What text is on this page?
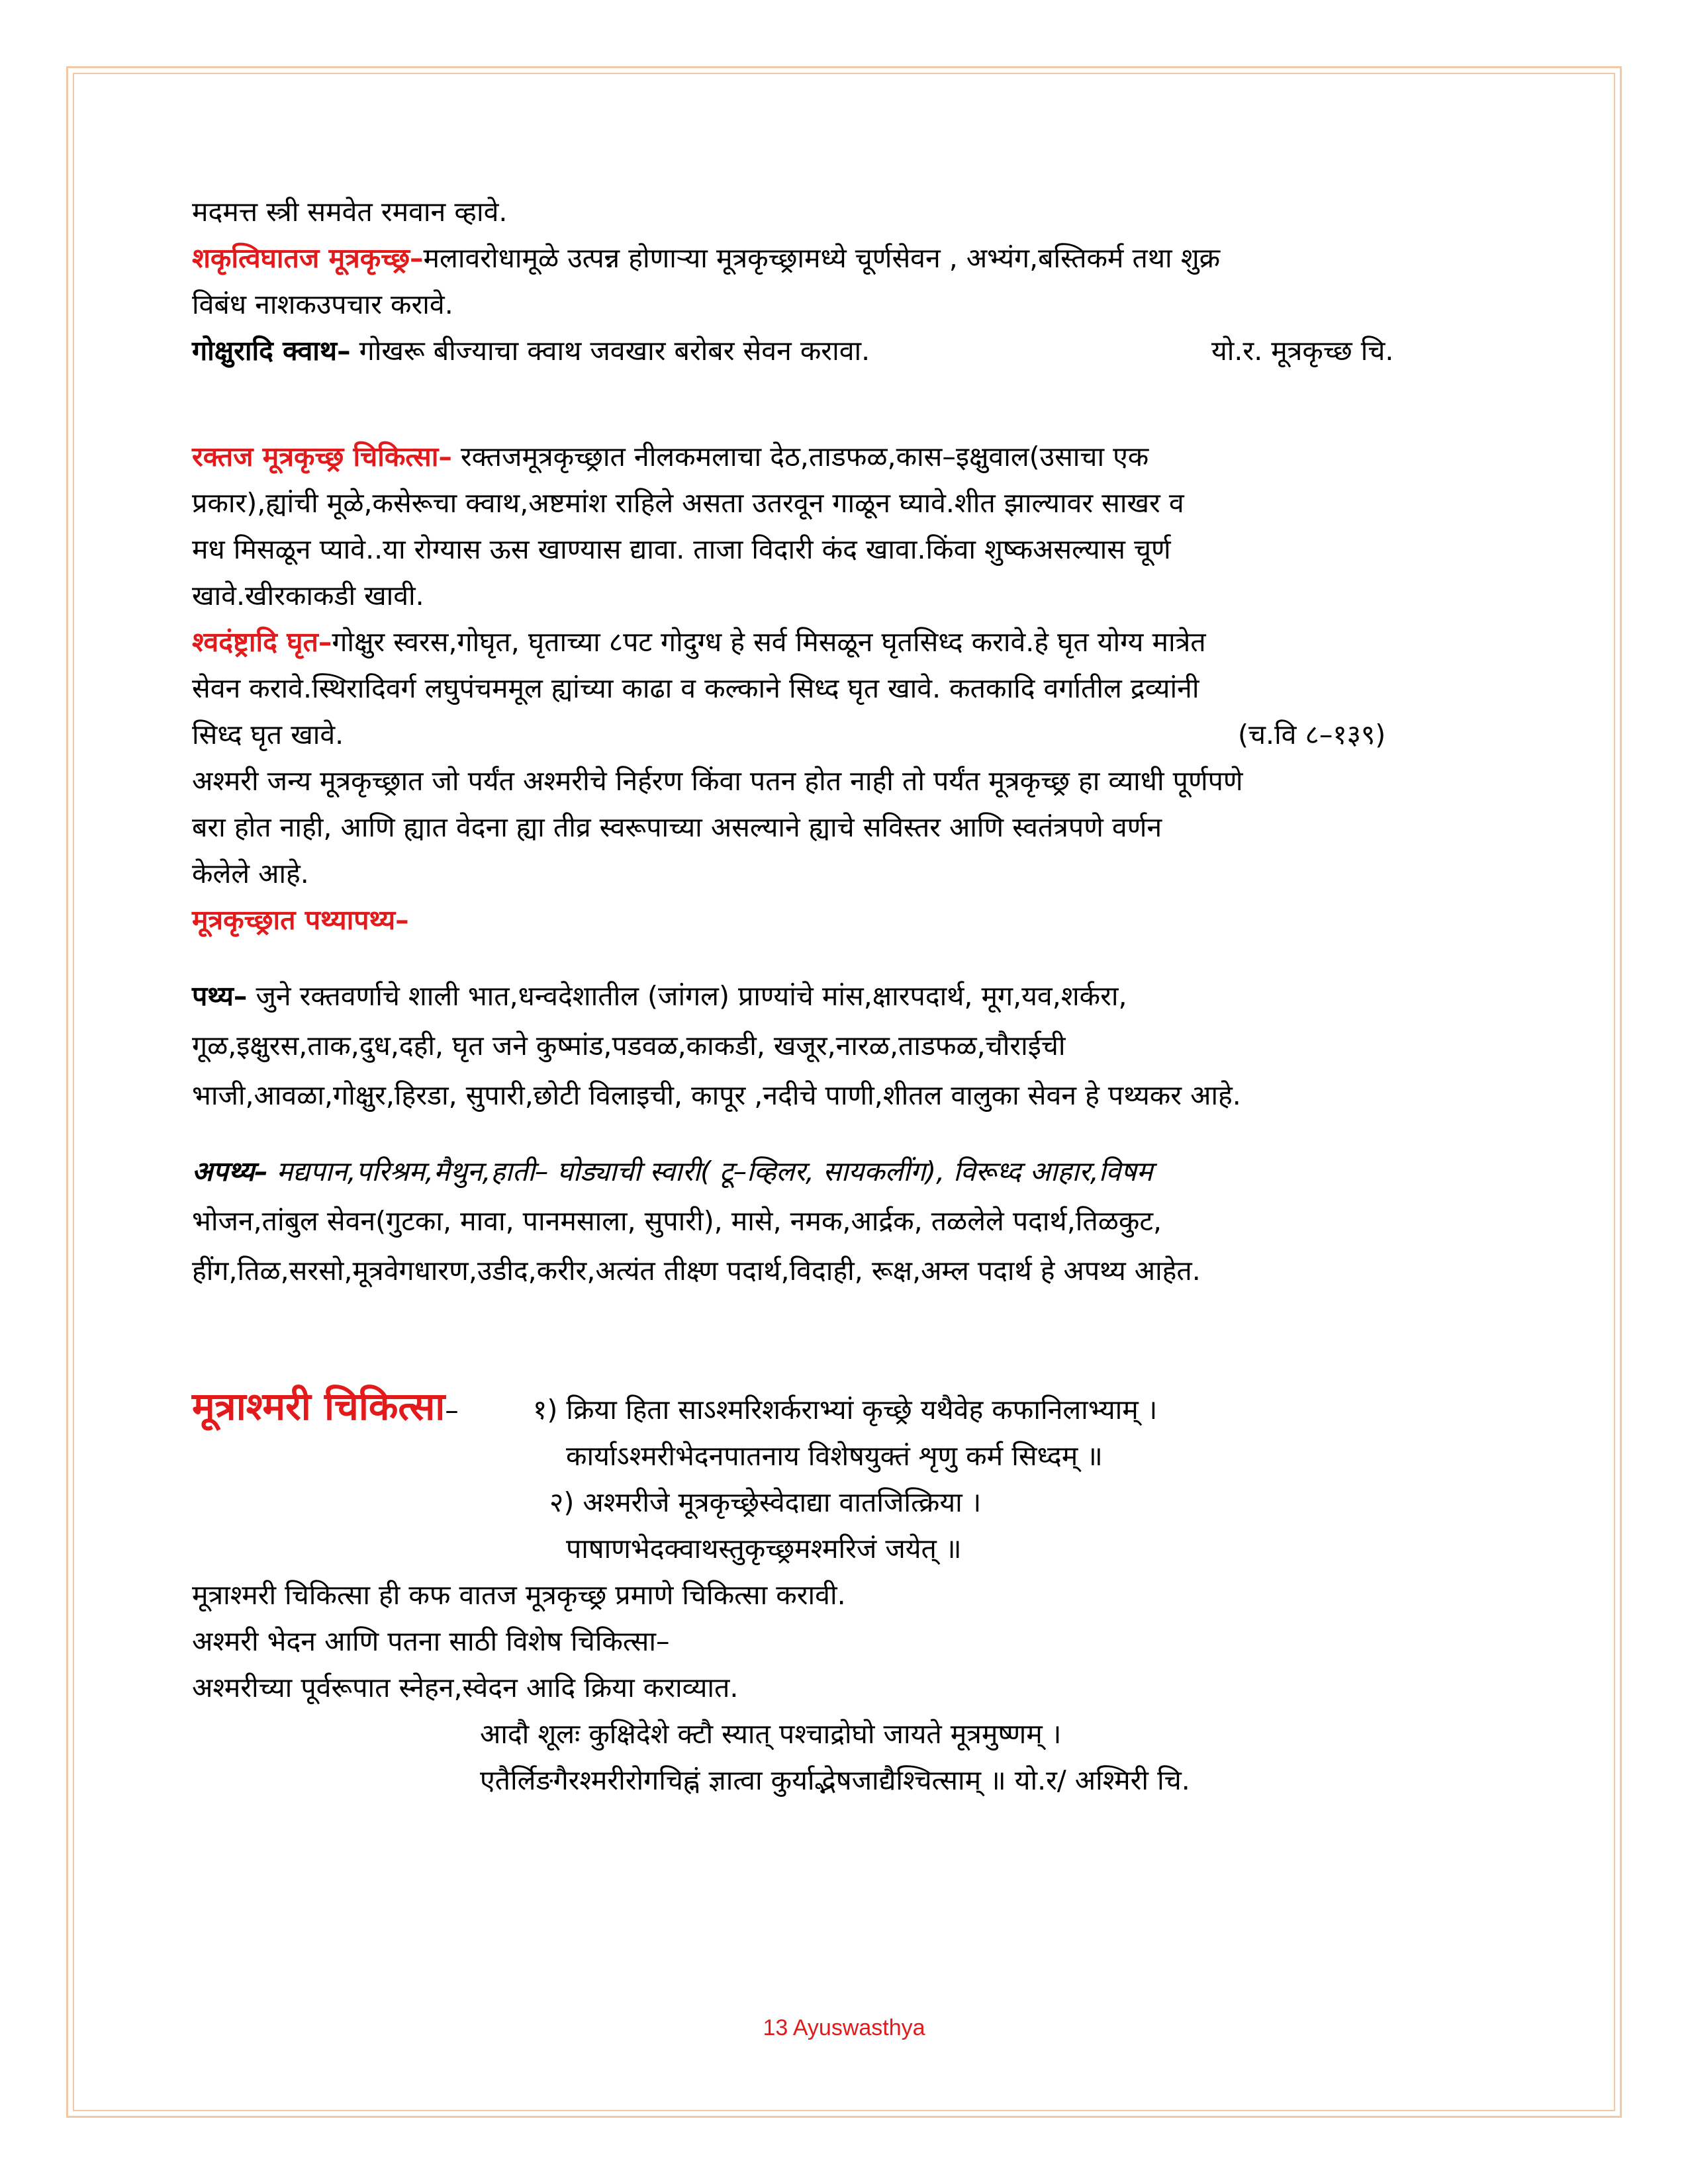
मदमत्त स्त्री समवेत रमवान व्हावे.
शकृत्विघातज मूत्रकृच्छ्र–मलावरोधामूळे उत्पन्न होणाऱ्या मूत्रकृच्छ्रामध्ये चूर्णसेवन , अभ्यंग,बस्तिकर्म तथा शुक्र
विबंध नाशकउपचार करावे.
गोक्षुरादि क्वाथ– गोखरू बीज्याचा क्वाथ जवखार बरोबर सेवन करावा.	यो.र. मूत्रकृच्छ चि.
रक्तज मूत्रकृच्छ्र चिकित्सा– रक्तजमूत्रकृच्छ्रात नीलकमलाचा देठ,ताडफळ,कास–इक्षुवाल(उसाचा एक
प्रकार),ह्यांची मूळे,कसेरूचा क्वाथ,अष्टमांश राहिले असता उतरवून गाळून घ्यावे.शीत झाल्यावर साखर व
मध मिसळून प्यावे..या रोग्यास ऊस खाण्यास द्यावा. ताजा विदारी कंद खावा.किंवा शुष्कअसल्यास चूर्ण
खावे.खीरकाकडी खावी.
श्वदंष्ट्रादि घृत–गोक्षुर स्वरस,गोघृत, घृताच्या ८पट गोदुग्ध हे सर्व मिसळून घृतसिध्द करावे.हे घृत योग्य मात्रेत
सेवन करावे.स्थिरादिवर्ग लघुपंचममूल ह्यांच्या काढा व कल्काने सिध्द घृत खावे. कतकादि वर्गातील द्रव्यांनी
सिध्द घृत खावे.	(च.वि ८–१३९)
अश्मरी जन्य मूत्रकृच्छ्रात जो पर्यंत अश्मरीचे निर्हरण किंवा पतन होत नाही तो पर्यंत मूत्रकृच्छ्र हा व्याधी पूर्णपणे
बरा होत नाही, आणि ह्यात वेदना ह्या तीव्र स्वरूपाच्या असल्याने ह्याचे सविस्तर आणि स्वतंत्रपणे वर्णन
केलेले आहे.
मूत्रकृच्छ्रात पथ्यापथ्य–
पथ्य– जुने रक्तवर्णाचे शाली भात,धन्वदेशातील (जांगल) प्राण्यांचे मांस,क्षारपदार्थ, मूग,यव,शर्करा,
गूळ,इक्षुरस,ताक,दुध,दही, घृत जने कुष्मांड,पडवळ,काकडी, खजूर,नारळ,ताडफळ,चौराईची
भाजी,आवळा,गोक्षुर,हिरडा, सुपारी,छोटी विलाइची, कापूर ,नदीचे पाणी,शीतल वालुका सेवन हे पथ्यकर आहे.
अपथ्य– मद्यपान,परिश्रम,मैथुन,हाती– घोड्याची स्वारी( टू–व्हिलर, सायकलींग), विरूध्द आहार,विषम
भोजन,तांबुल सेवन(गुटका, मावा, पानमसाला, सुपारी), मासे, नमक,आर्द्रक, तळलेले पदार्थ,तिळकुट,
हींग,तिळ,सरसो,मूत्रवेगधारण,उडीद,करीर,अत्यंत तीक्ष्ण पदार्थ,विदाही, रूक्ष,अम्ल पदार्थ हे अपथ्य आहेत.
मूत्राश्मरी चिकित्सा–	१) क्रिया हिता साऽश्मरिशर्कराभ्यां कृच्छ्रे यथैवेह कफानिलाभ्याम् ।
कार्याऽश्मरीभेदनपातनाय विशेषयुक्तं शृणु कर्म सिध्दम् ॥
२) अश्मरीजे मूत्रकृच्छ्रेस्वेदाद्या वातजित्क्रिया ।
पाषाणभेदक्वाथस्तुकृच्छ्रमश्मरिजं जयेत् ॥
मूत्राश्मरी चिकित्सा ही कफ वातज मूत्रकृच्छ्र प्रमाणे चिकित्सा करावी.
अश्मरी भेदन आणि पतना साठी विशेष चिकित्सा–
अश्मरीच्या पूर्वरूपात स्नेहन,स्वेदन आदि क्रिया कराव्यात.
आदौ शूलः कुक्षिदेशे क्टौ स्यात् पश्चाद्रोघो जायते मूत्रमुष्णम् ।
एतैर्लिङगैरश्मरीरोगचिह्नं ज्ञात्वा कुर्याद्भेषजाद्यैश्चित्साम् ॥ यो.र/ अश्मिरी चि.
13 Ayuswasthya
